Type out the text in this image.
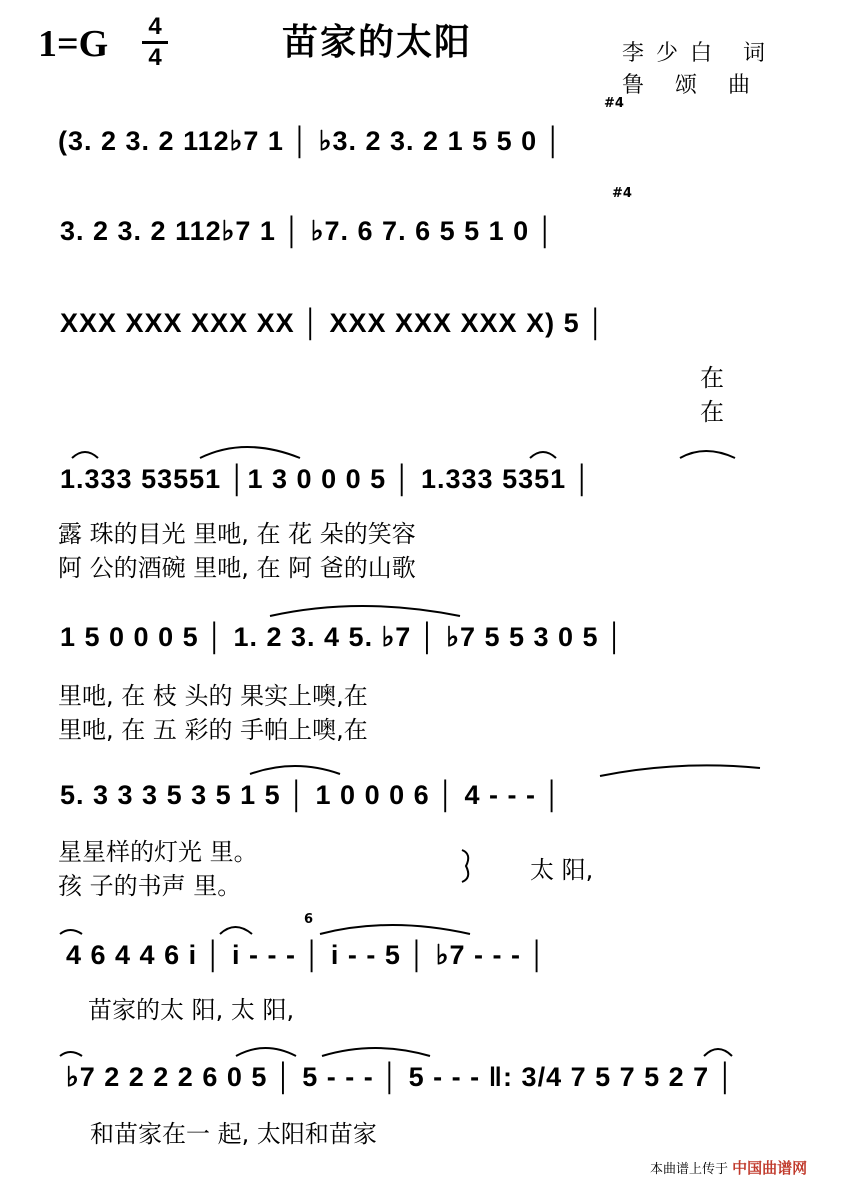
1=G	4
4	苗家的太阳	李少白 词
鲁 颂 曲
(3. 2 3. 2 112♭7 1 │ ♭3. 2 3. 2 1 5 5 0 │
3. 2 3. 2 112♭7 1 │ ♭7. 6 7. 6 5 5 1 0 │
XXX XXX XXX XX │ XXX XXX XXX X) 5 │
在
在
1.333 53551 │1 3 0 0 0 5 │ 1.333 5351 │
露 珠的目光 里吔, 在 花 朵的笑容
阿 公的酒碗 里吔, 在 阿 爸的山歌
1 5 0 0 0 5 │ 1. 2 3. 4 5. ♭7 │ ♭7 5 5 3 0 5 │
里吔, 在 枝 头的 果实上噢,在
里吔, 在 五 彩的 手帕上噢,在
5. 3 3 3 5 3 5 1 5 │ 1 0 0 0 6 │ 4 - - - │
星星样的灯光 里。
孩 子的书声 里。
太 阳,
4 6 4 4 6 i │ i - - - │ i - - 5 │ ♭7 - - - │
苗家的太 阳, 太 阳,
♭7 2 2 2 2 6 0 5 │ 5 - - - │ 5 - - - ‖: 3/4 7 5 7 5 2 7 │
和苗家在一 起, 太阳和苗家
#4
#4
6
本曲谱上传于 中国曲谱网
